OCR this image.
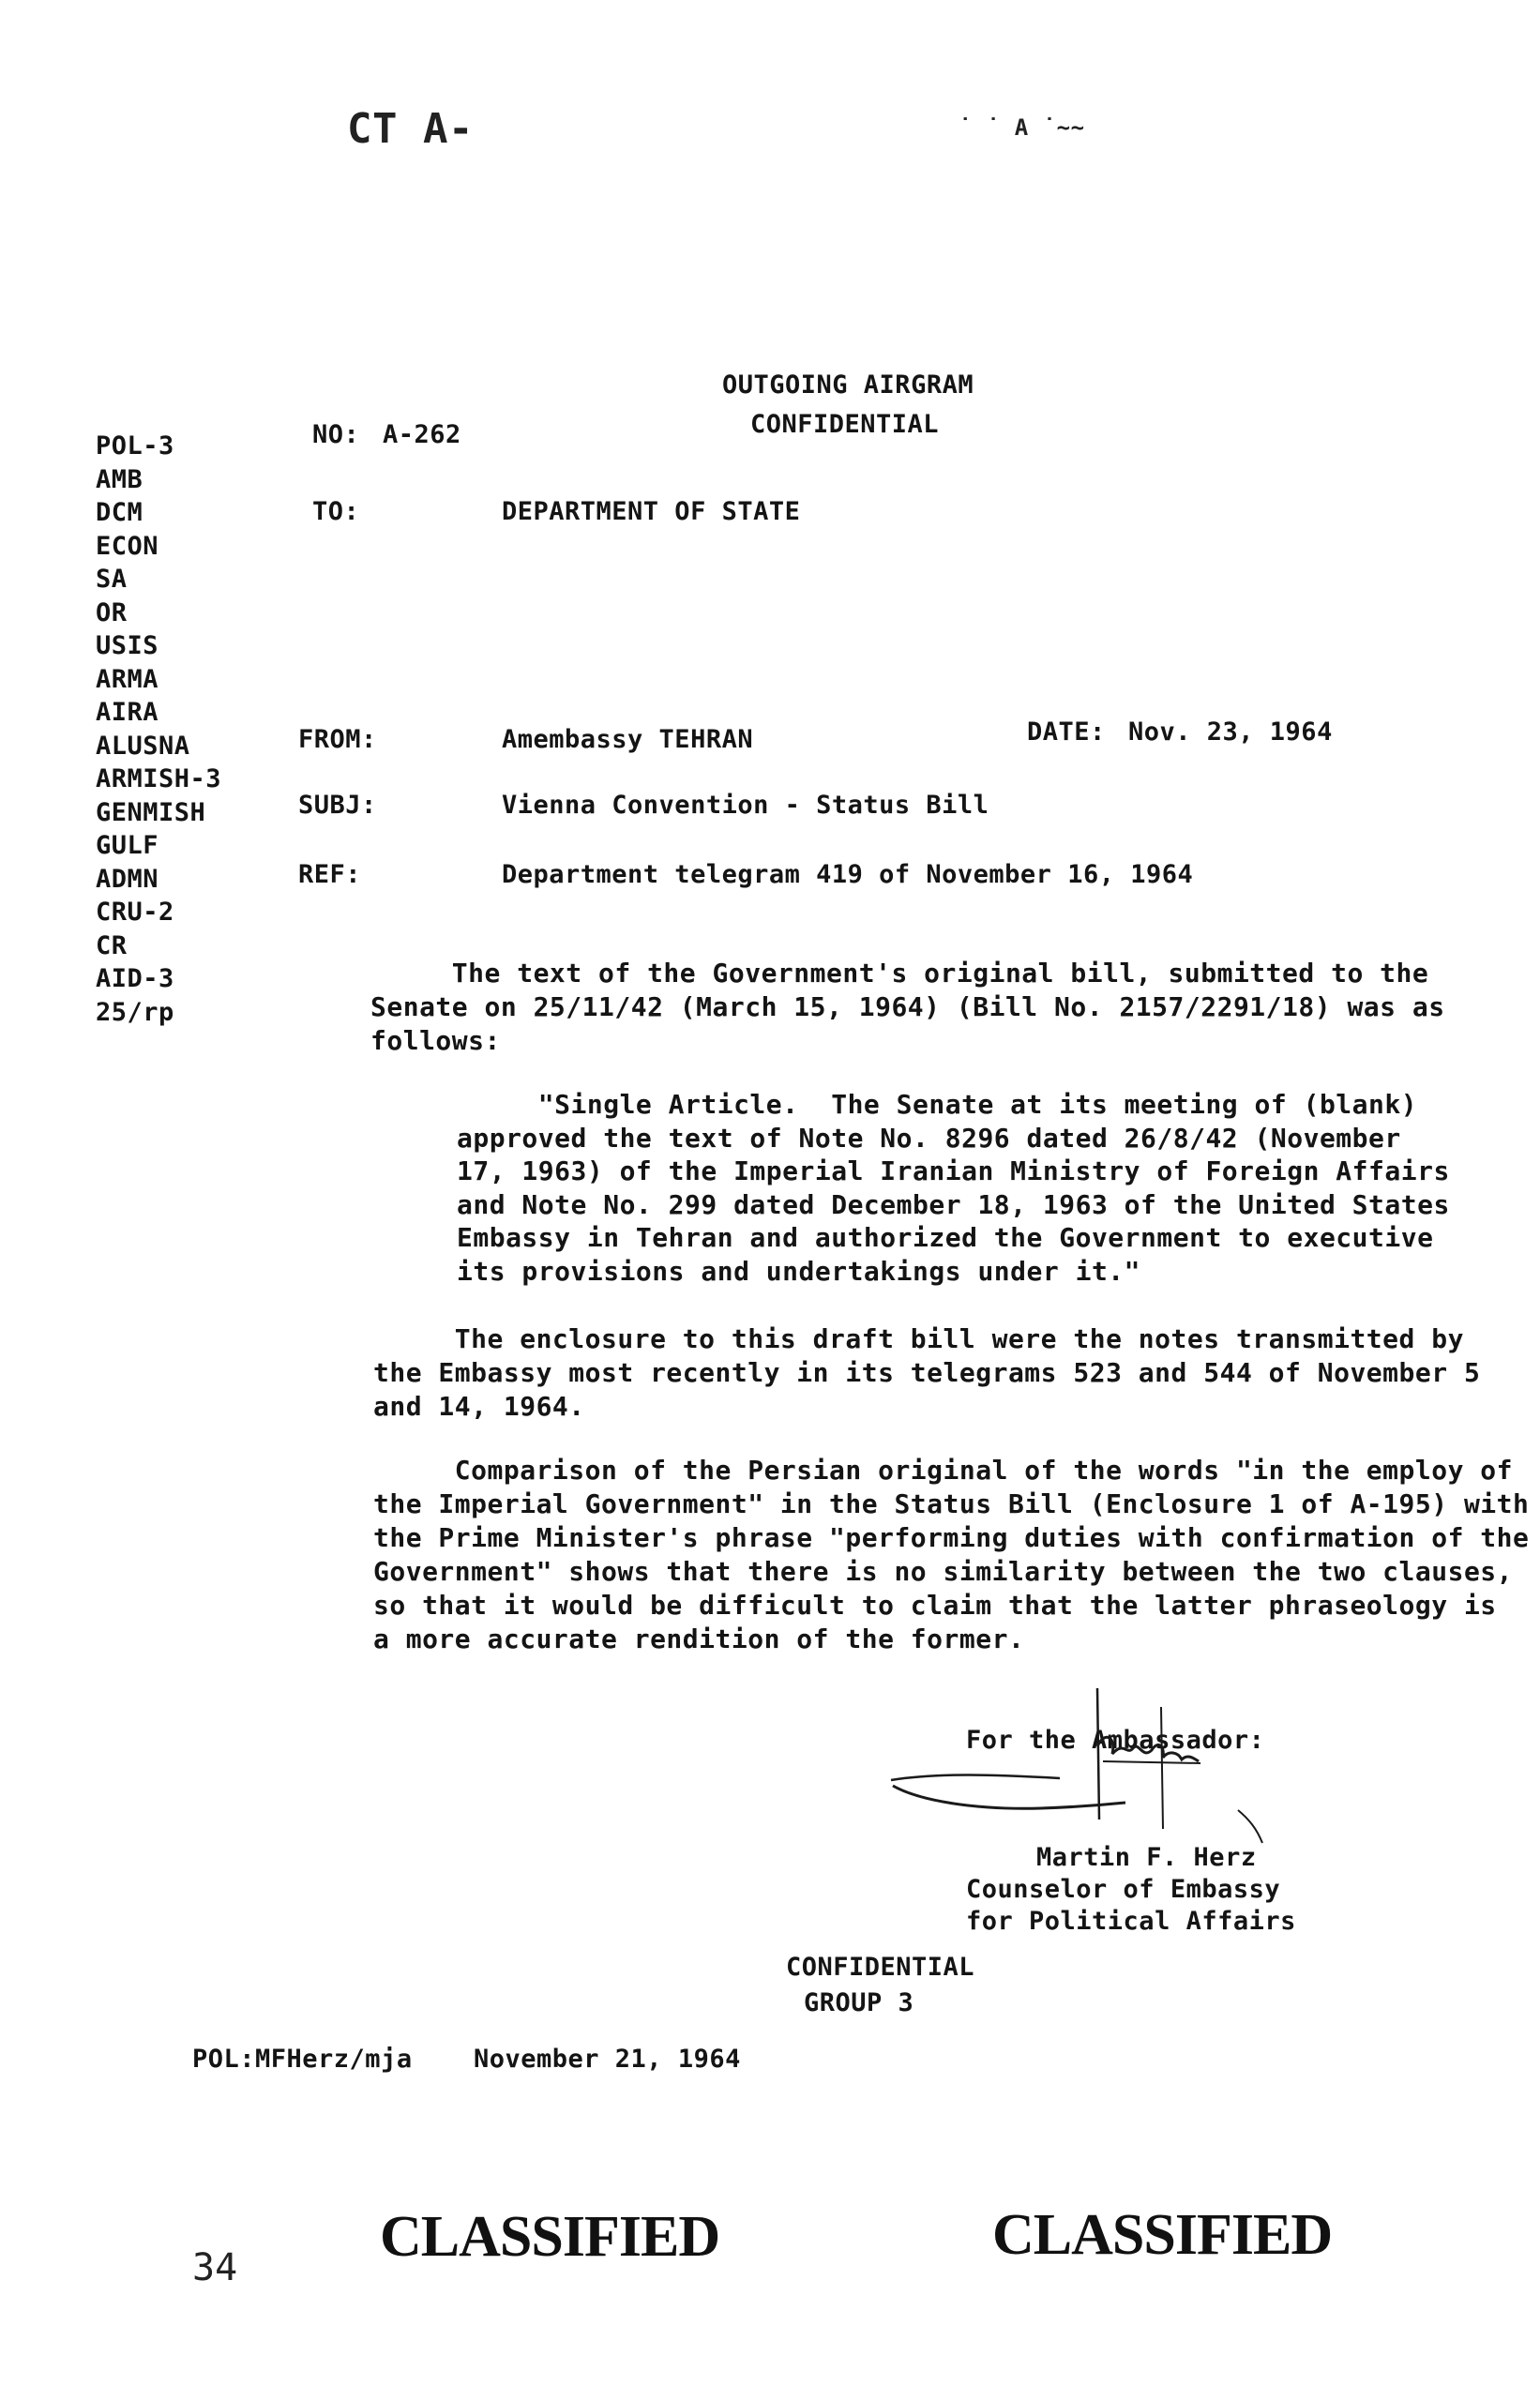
CT A-	˙ ˙ A ˙~~
OUTGOING AIRGRAM
CONFIDENTIAL
NO: A-262
POL-3
AMB
DCM
ECON
SA
OR
USIS
ARMA
AIRA
ALUSNA
ARMISH-3
GENMISH
GULF
ADMN
CRU-2
CR
AID-3
25/rp
TO:	DEPARTMENT OF STATE
FROM:	Amembassy TEHRAN	DATE: Nov. 23, 1964
SUBJ:	Vienna Convention - Status Bill
REF:	Department telegram 419 of November 16, 1964
The text of the Government's original bill, submitted to the
Senate on 25/11/42 (March 15, 1964) (Bill No. 2157/2291/18) was as
follows:
"Single Article.  The Senate at its meeting of (blank)
approved the text of Note No. 8296 dated 26/8/42 (November
17, 1963) of the Imperial Iranian Ministry of Foreign Affairs
and Note No. 299 dated December 18, 1963 of the United States
Embassy in Tehran and authorized the Government to executive
its provisions and undertakings under it."
The enclosure to this draft bill were the notes transmitted by
the Embassy most recently in its telegrams 523 and 544 of November 5
and 14, 1964.
Comparison of the Persian original of the words "in the employ of
the Imperial Government" in the Status Bill (Enclosure 1 of A-195) with
the Prime Minister's phrase "performing duties with confirmation of the
Government" shows that there is no similarity between the two clauses,
so that it would be difficult to claim that the latter phraseology is
a more accurate rendition of the former.
For the Ambassador:
Martin F. Herz
Counselor of Embassy
for Political Affairs
CONFIDENTIAL
GROUP 3
POL:MFHerz/mja November 21, 1964
34 CLASSIFIED	CLASSIFIED
